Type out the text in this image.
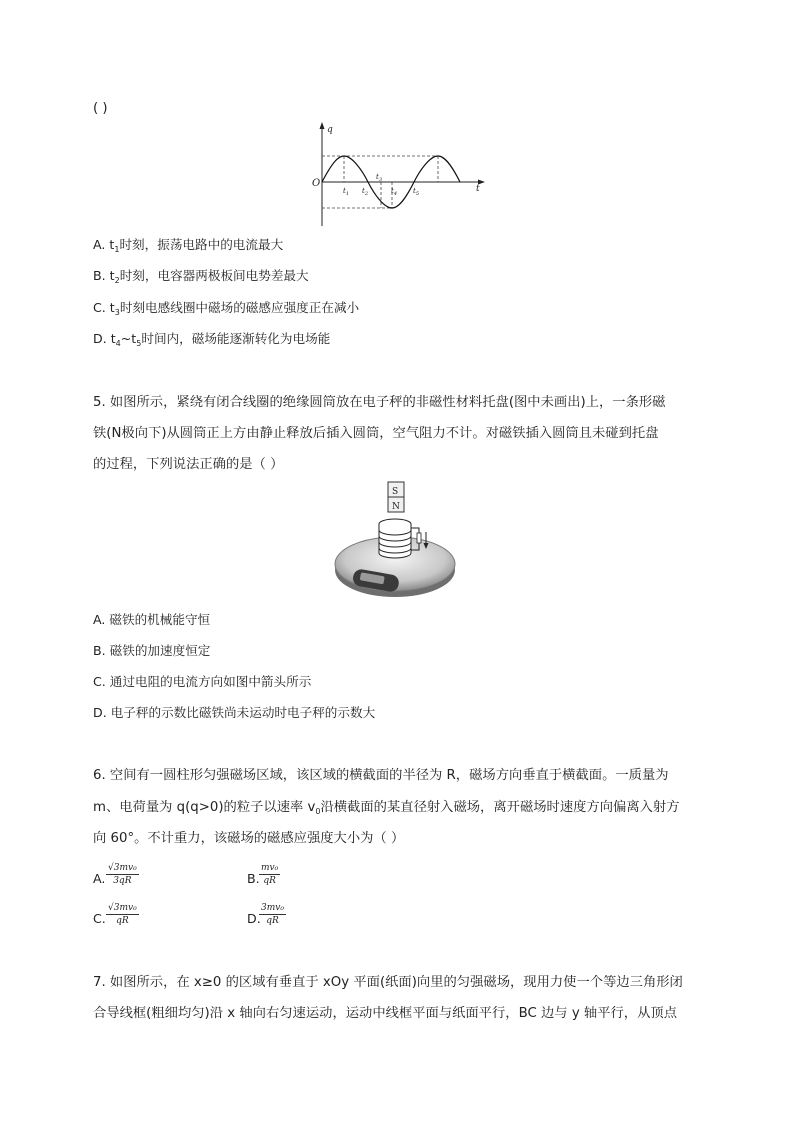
( )
q
t
O
$t_1$ $t_2$
$t_3$
$t_4$ $t_5$
A. $t_1$时刻，振荡电路中的电流最大
B. $t_2$时刻，电容器两极板间电势差最大
C. $t_3$时刻电感线圈中磁场的磁感应强度正在减小
D. $t_4\sim t_5$时间内，磁场能逐渐转化为电场能
5. 如图所示，紧绕有闭合线圈的绝缘圆筒放在电子秤的非磁性材料托盘(图中未画出)上，一条形磁
铁(N极向下)从圆筒正上方由静止释放后插入圆筒，空气阻力不计。对磁铁插入圆筒且未碰到托盘
的过程，下列说法正确的是（ ）
S
N
A. 磁铁的机械能守恒
B. 磁铁的加速度恒定
C. 通过电阻的电流方向如图中箭头所示
D. 电子秤的示数比磁铁尚未运动时电子秤的示数大
6. 空间有一圆柱形匀强磁场区域，该区域的横截面的半径为 R，磁场方向垂直于横截面。一质量为
m、电荷量为 q(q>0)的粒子以速率 $v_0$沿横截面的某直径射入磁场，离开磁场时速度方向偏离入射方
向 60°。不计重力，该磁场的磁感应强度大小为（ ）
A. $\frac{\text{√3mv₀}}{3qR}$	B. $\frac{\text{mv₀}}{qR}$
C. $\frac{\text{√3mv₀}}{qR}$	D.
$\frac{\text{3mv₀}}{qR}$
7. 如图所示，在 x≥0 的区域有垂直于 xOy 平面(纸面)向里的匀强磁场，现用力使一个等边三角形闭
合导线框(粗细均匀)沿 x 轴向右匀速运动，运动中线框平面与纸面平行，BC 边与 y 轴平行，从顶点
